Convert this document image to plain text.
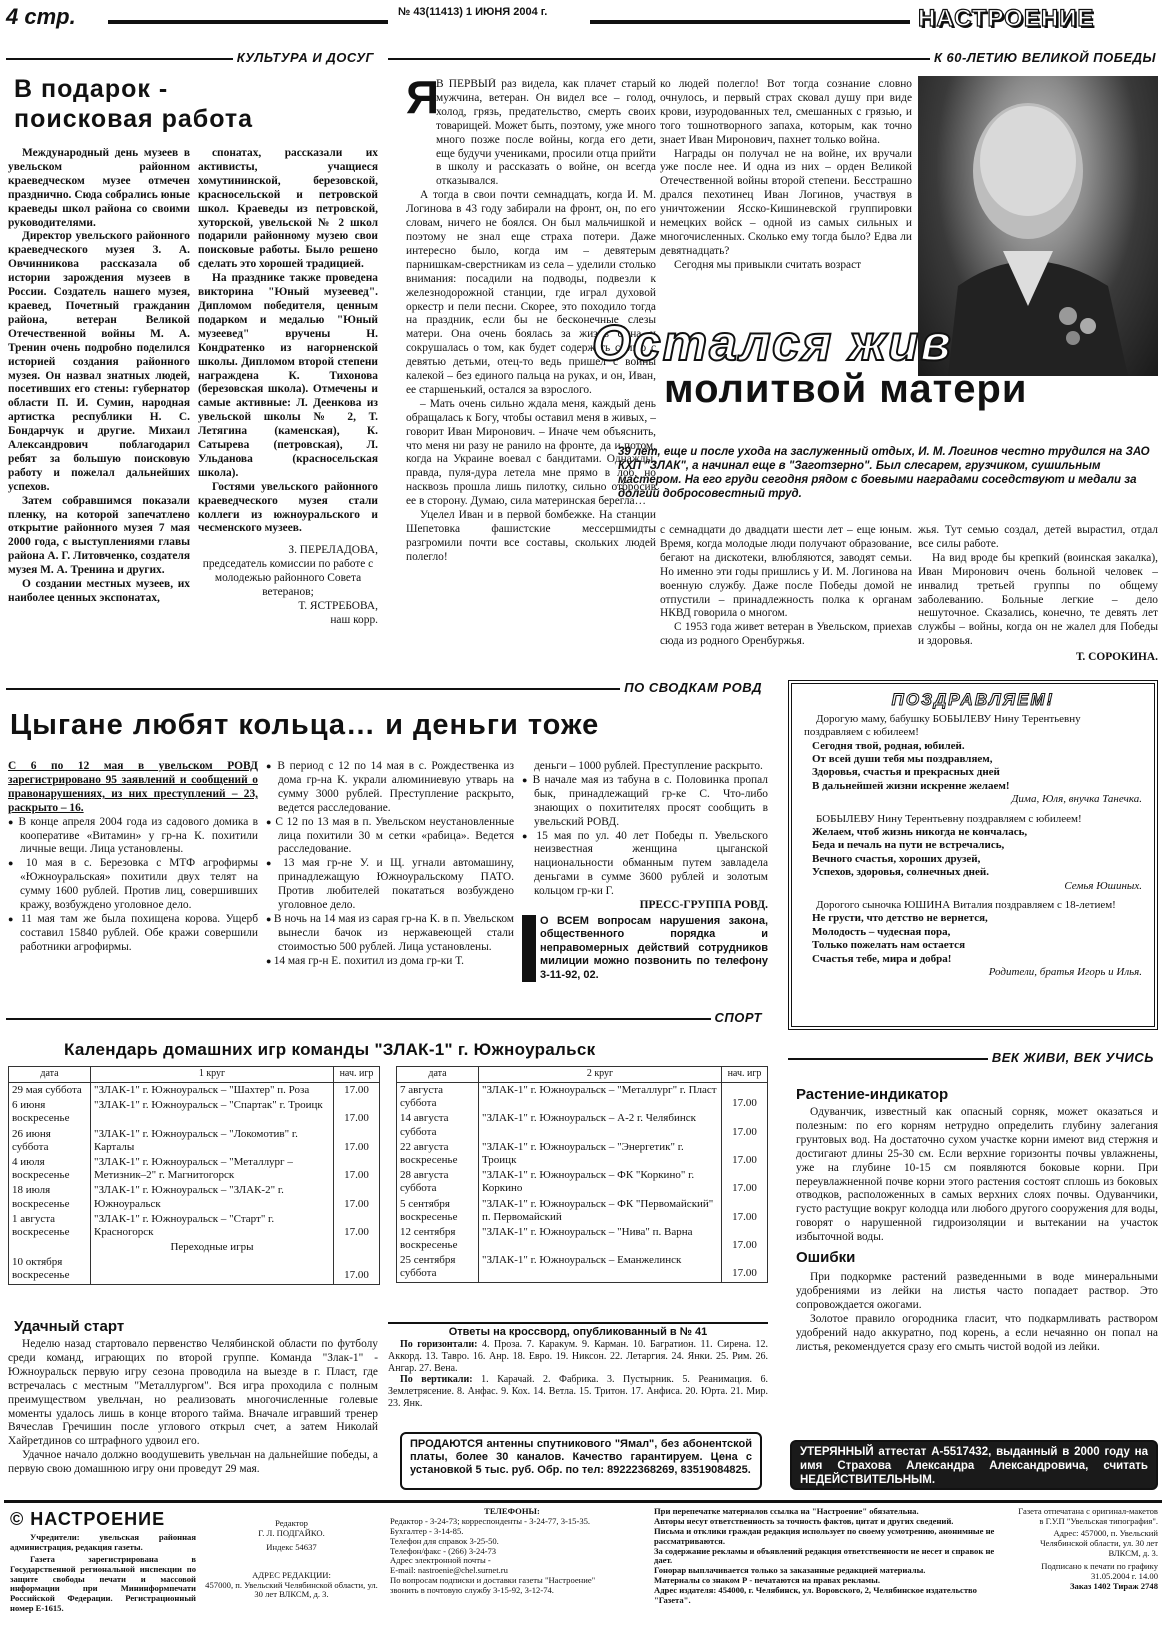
4 стр.	№ 43(11413) 1 ИЮНЯ 2004 г.	НАСТРОЕНИЕ
КУЛЬТУРА И ДОСУГ
В подарок -
поисковая работа

Международный день музеев в увельском районном краеведческом музее отмечен празднично. Сюда собрались юные краеведы школ района со своими руководителями.

Директор увельского районного краеведческого музея З. А. Овчинникова рассказала об истории зарождения музеев в России. Создатель нашего музея, краевед, Почетный гражданин района, ветеран Великой Отечественной войны М. А. Тренин очень подробно поделился историей создания районного музея. Он назвал знатных людей, посетивших его стены: губернатор области П. И. Сумин, народная артистка республики Н. С. Бондарчук и другие. Михаил Александрович поблагодарил ребят за большую поисковую работу и пожелал дальнейших успехов.

Затем собравшимся показали пленку, на которой запечатлено открытие районного музея 7 мая 2000 года, с выступлениями главы района А. Г. Литовченко, создателя музея М. А. Тренина и других.

О создании местных музеев, их наиболее ценных экспонатах,

спонатах, рассказали их активисты, учащиеся хомутининской, березовской, красносельской и петровской школ. Краеведы из петровской, хуторской, увельской № 2 школ подарили районному музею свои поисковые работы. Было решено сделать это хорошей традицией.

На празднике также проведена викторина "Юный музеевед". Дипломом победителя, ценным подарком и медалью "Юный музеевед" вручены Н. Кондратенко из нагорненской школы. Дипломом второй степени награждена К. Тихонова (березовская школа). Отмечены и самые активные: Л. Деенкова из увельской школы № 2, Т. Летягина (каменская), К. Сатырева (петровская), Л. Ульданова (красносельская школа).

Гостями увельского районного краеведческого музея стали коллеги из южноуральского и чесменского музеев.

З. ПЕРЕЛАДОВА,
председатель комиссии по работе с молодежью районного Совета ветеранов;
Т. ЯСТРЕБОВА,
наш корр.
К 60-ЛЕТИЮ ВЕЛИКОЙ ПОБЕДЫ
Я

В ПЕРВЫЙ раз видела, как плачет старый мужчина, ветеран. Он видел все – голод, холод, грязь, предательство, смерть своих товарищей. Может быть, поэтому, уже много много позже после войны, когда его дети, еще будучи учениками, просили отца прийти в школу и рассказать о войне, он всегда отказывался.

А тогда в свои почти семнадцать, когда И. М. Логинова в 43 году забирали на фронт, он, по его словам, ничего не боялся. Он был мальчишкой и поэтому не знал еще страха потери. Даже интересно было, когда им – девятерым парнишкам-сверстникам из села – уделили столько внимания: посадили на подводы, подвезли к железнодорожной станции, где играл духовой оркестр и пели песни. Скорее, это походило тогда на праздник, если бы не бесконечные слезы матери. Она очень боялась за жизнь сына и сокрушалась о том, как будет содержать семью с девятью детьми, отец-то ведь пришел с войны калекой – без единого пальца на руках, и он, Иван, ее старшенький, остался за взрослого.

– Мать очень сильно ждала меня, каждый день обращалась к Богу, чтобы оставил меня в живых, – говорит Иван Миронович. – Иначе чем объяснить, что меня ни разу не ранило на фронте, да и потом, когда на Украине воевал с бандитами. Однажды, правда, пуля-дура летела мне прямо в лоб, но насквозь прошла лишь пилотку, сильно отбросив ее в сторону. Думаю, сила материнская берегла…

Уцелел Иван и в первой бомбежке. На станции Шепетовка фашистские мессершмидты разгромили почти все составы, скольких людей полегло!

ко людей полегло! Вот тогда сознание словно очнулось, и первый страх сковал душу при виде крови, изуродованных тел, смешанных с грязью, и того тошнотворного запаха, которым, как точно знает Иван Миронович, пахнет только война.

Награды он получал не на войне, их вручали уже после нее. И одна из них – орден Великой Отечественной войны второй степени. Бесстрашно дрался пехотинец Иван Логинов, участвуя в уничтожении Ясско-Кишиневской группировки немецких войск – одной из самых сильных и многочисленных. Сколько ему тогда было? Едва ли девятнадцать?

Сегодня мы привыкли считать возраст

Остался жив
молитвой матери
39 лет, еще и после ухода на заслуженный отдых, И. М. Логинов честно трудился на ЗАО КХП "ЗЛАК", а начинал еще в "Заготзерно". Был слесарем, грузчиком, сушильным мастером. На его груди сегодня рядом с боевыми наградами соседствуют и медали за долгий добросовестный труд.

с семнадцати до двадцати шести лет – еще юным. Время, когда молодые люди получают образование, бегают на дискотеки, влюбляются, заводят семьи. Но именно эти годы пришлись у И. М. Логинова на военную службу. Даже после Победы домой не отпустили – принадлежность полка к органам НКВД говорила о многом.

С 1953 года живет ветеран в Увельском, приехав сюда из родного Оренбуржья.

жья. Тут семью создал, детей вырастил, отдал все силы работе.

На вид вроде бы крепкий (воинская закалка), Иван Миронович очень больной человек – инвалид третьей группы по общему заболеванию. Больные легкие – дело нешуточное. Сказались, конечно, те девять лет службы – войны, когда он не жалел для Победы и здоровья.

Т. СОРОКИНА.
ПО СВОДКАМ РОВД
Цыгане любят кольца… и деньги тоже

С 6 по 12 мая в увельском РОВД зарегистрировано 95 заявлений и сообщений о правонарушениях, из них преступлений – 23, раскрыто – 16.

● В конце апреля 2004 года из садового домика в кооперативе «Витамин» у гр-на К. похитили личные вещи. Лица установлены.

● 10 мая в с. Березовка с МТФ агрофирмы «Южноуральская» похитили двух телят на сумму 1600 рублей. Против лиц, совершивших кражу, возбуждено уголовное дело.

● 11 мая там же была похищена корова. Ущерб составил 15840 рублей. Обе кражи совершили работники агрофирмы.

● В период с 12 по 14 мая в с. Рождественка из дома гр-на К. украли алюминиевую утварь на сумму 3000 рублей. Преступление раскрыто, ведется расследование.

● С 12 по 13 мая в п. Увельском неустановленные лица похитили 30 м сетки «рабица». Ведется расследование.

● 13 мая гр-не У. и Щ. угнали автомашину, принадлежащую Южноуральскому ПАТО. Против любителей покататься возбуждено уголовное дело.

● В ночь на 14 мая из сарая гр-на К. в п. Увельском вынесли бачок из нержавеющей стали стоимостью 500 рублей. Лица установлены.

● 14 мая гр-н Е. похитил из дома гр-ки Т.

деньги – 1000 рублей. Преступление раскрыто.

● В начале мая из табуна в с. Половинка пропал бык, принадлежащий гр-ке С. Что-либо знающих о похитителях просят сообщить в увельский РОВД.

● 15 мая по ул. 40 лет Победы п. Увельского неизвестная женщина цыганской национальности обманным путем завладела деньгами в сумме 3600 рублей и золотым кольцом гр-ки Г.

ПРЕСС-ГРУППА РОВД.

О ВСЕМ вопросам нарушения закона, общественного порядка и неправомерных действий сотрудников милиции можно позвонить по телефону 3-11-92, 02.

ПОЗДРАВЛЯЕМ!
Дорогую маму, бабушку БОБЫЛЕВУ Нину Терентьевну поздравляем с юбилеем!
Сегодня твой, родная, юбилей.
От всей души тебя мы поздравляем,
Здоровья, счастья и прекрасных дней
В дальнейшей жизни искренне желаем!
Дима, Юля, внучка Танечка.
БОБЫЛЕВУ Нину Терентьевну поздравляем с юбилеем!
Желаем, чтоб жизнь никогда не кончалась,
Беда и печаль на пути не встречались,
Вечного счастья, хороших друзей,
Успехов, здоровья, солнечных дней.
Семья Юшиных.
Дорогого сыночка ЮШИНА Виталия поздравляем с 18-летием!
Не грусти, что детство не вернется,
Молодость – чудесная пора,
Только пожелать нам остается
Счастья тебе, мира и добра!
Родители, братья Игорь и Илья.
СПОРТ
Календарь домашних игр команды "ЗЛАК-1" г. Южноуральск
дата	1 круг	нач. игр
29 мая суббота	"ЗЛАК-1" г. Южноуральск – "Шахтер" п. Роза	17.00
6 июня воскресенье	"ЗЛАК-1" г. Южноуральск – "Спартак" г. Троицк	17.00
26 июня суббота	"ЗЛАК-1" г. Южноуральск – "Локомотив" г. Карталы	17.00
4 июля воскресенье	"ЗЛАК-1" г. Южноуральск – "Металлург – Метизник–2" г. Магнитогорск	17.00
18 июля воскресенье	"ЗЛАК-1" г. Южноуральск – "ЗЛАК-2" г. Южноуральск	17.00
1 августа воскресенье	"ЗЛАК-1" г. Южноуральск – "Старт" г. Красногорск	17.00
	Переходные игры	
10 октября воскресенье		17.00
дата	2 круг	нач. игр
7 августа суббота	"ЗЛАК-1" г. Южноуральск – "Металлург" г. Пласт	17.00
14 августа суббота	"ЗЛАК-1" г. Южноуральск – А-2 г. Челябинск	17.00
22 августа воскресенье	"ЗЛАК-1" г. Южноуральск – "Энергетик" г. Троицк	17.00
28 августа суббота	"ЗЛАК-1" г. Южноуральск – ФК "Коркино" г. Коркино	17.00
5 сентября воскресенье	"ЗЛАК-1" г. Южноуральск – ФК "Первомайский" п. Первомайский	17.00
12 сентября воскресенье	"ЗЛАК-1" г. Южноуральск – "Нива" п. Варна	17.00
25 сентября суббота	"ЗЛАК-1" г. Южноуральск – Еманжелинск	17.00
Удачный старт

Неделю назад стартовало первенство Челябинской области по футболу среди команд, играющих по второй группе. Команда "Злак-1" - Южноуральск первую игру сезона проводила на выезде в г. Пласт, где встречалась с местным "Металлургом". Вся игра проходила с полным преимуществом увельчан, но реализовать многочисленные голевые моменты удалось лишь в конце второго тайма. Вначале игравший тренер Вячеслав Гречишин после углового открыл счет, а затем Николай Хайретдинов со штрафного удвоил его.

Удачное начало должно воодушевить увельчан на дальнейшие победы, а первую свою домашнюю игру они проведут 29 мая.

Ответы на кроссворд, опубликованный в № 41
По горизонтали: 4. Проза. 7. Каракум. 9. Карман. 10. Багратион. 11. Сирена. 12. Аккорд. 13. Тавро. 16. Анр. 18. Евро. 19. Никсон. 22. Летаргия. 24. Янки. 25. Рим. 26. Ангар. 27. Вена.
По вертикали: 1. Карачай. 2. Фабрика. 3. Пустырник. 5. Реанимация. 6. Землетрясение. 8. Анфас. 9. Кох. 14. Ветла. 15. Тритон. 17. Анфиса. 20. Юрта. 21. Мир. 23. Янк.
ПРОДАЮТСЯ антенны спутникового "Ямал", без абонентской платы, более 30 каналов. Качество гарантируем. Цена с установкой 5 тыс. руб. Обр. по тел: 89222368269, 83519084825.
ВЕК ЖИВИ, ВЕК УЧИСЬ
Растение-индикатор

Одуванчик, известный как опасный сорняк, может оказаться и полезным: по его корням нетрудно определить глубину залегания грунтовых вод. На достаточно сухом участке корни имеют вид стержня и достигают длины 25-30 см. Если верхние горизонты почвы увлажнены, уже на глубине 10-15 см появляются боковые корни. При переувлажненной почве корни этого растения состоят сплошь из боковых отводков, расположенных в самых верхних слоях почвы. Одуванчики, густо растущие вокруг колодца или любого другого сооружения для воды, говорят о нарушенной гидроизоляции и вытекании на участок избыточной воды.

Ошибки

При подкормке растений разведенными в воде минеральными удобрениями из лейки на листья часто попадает раствор. Это сопровождается ожогами.

Золотое правило огородника гласит, что подкармливать раствором удобрений надо аккуратно, под корень, а если нечаянно он попал на листья, рекомендуется сразу его смыть чистой водой из лейки.

УТЕРЯННЫЙ аттестат А-5517432, выданный в 2000 году на имя Страхова Александра Александровича, считать НЕДЕЙСТВИТЕЛЬНЫМ.
© НАСТРОЕНИЕ
Учредители: увельская районная администрация, редакция газеты.
Газета зарегистрирована в Государственной региональной инспекции по защите свободы печати и массовой информации при Мининформпечати Российской Федерации. Регистрационный номер Е-1615.
Редактор
Г. Л. ПОДГАЙКО.
Индекс 54637
АДРЕС РЕДАКЦИИ:
457000, п. Увельский Челябинской области, ул. 30 лет ВЛКСМ, д. 3.
ТЕЛЕФОНЫ:
Редактор - 3-24-73; корреспонденты - 3-24-77, 3-15-35.
Бухгалтер - 3-14-85.
Телефон для справок 3-25-50.
Телефон/факс - (266) 3-24-73
Адрес электронной почты -
E-mail: nastroenie@chel.surnet.ru
По вопросам подписки и доставки газеты "Настроение"
звонить в почтовую службу 3-15-92, 3-12-74.
При перепечатке материалов ссылка на "Настроение" обязательна.
Авторы несут ответственность за точность фактов, цитат и других сведений.
Письма и отклики граждан редакция использует по своему усмотрению, анонимные не рассматриваются.
За содержание рекламы и объявлений редакция ответственности не несет и справок не дает.
Гонорар выплачивается только за заказанные редакцией материалы.
Материалы со знаком Р - печатаются на правах рекламы.
Адрес издателя: 454000, г. Челябинск, ул. Воровского, 2, Челябинское издательство "Газета".
Газета отпечатана с оригинал-макетов в Г.У.П "Увельская типография".
Адрес: 457000, п. Увельский Челябинской области, ул. 30 лет ВЛКСМ, д. 3.
Подписано к печати по графику 31.05.2004 г. 14.00
Заказ 1402 Тираж 2748
